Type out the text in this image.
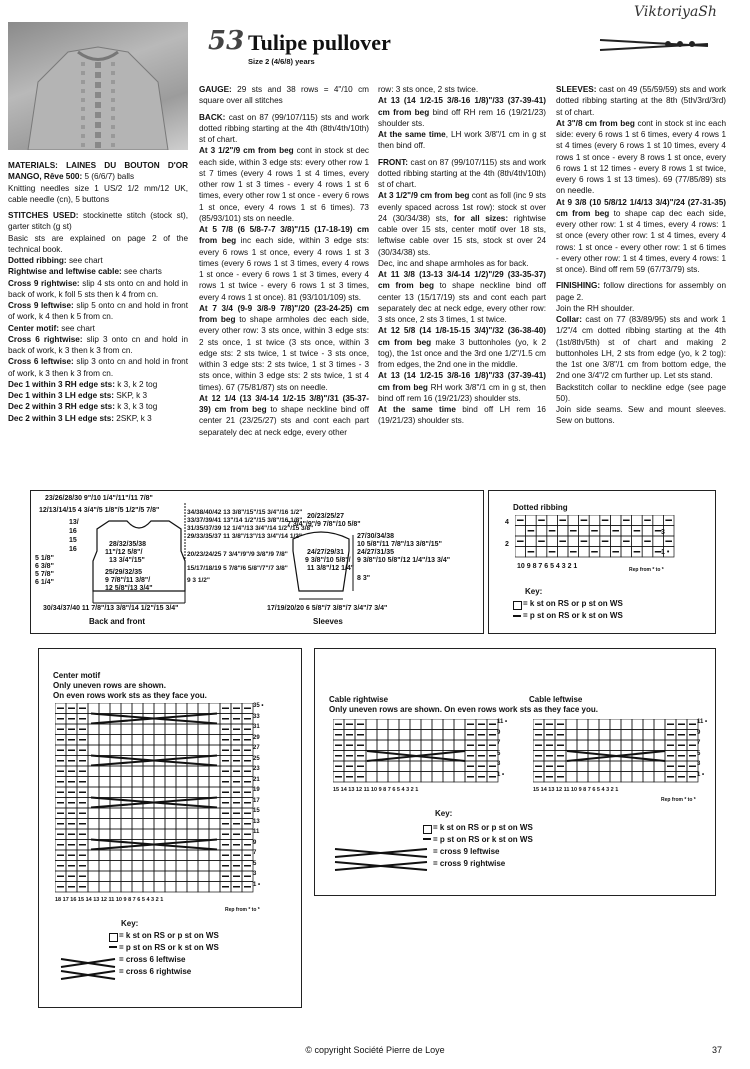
ViktoriyaSh
53 Tulipe pullover
Size 2 (4/6/8) years

MATERIALS: LAINES DU BOUTON D'OR MANGO, Rêve 500: 5 (6/6/7) balls
Knitting needles size 1 US/2 1/2 mm/12 UK, cable needle (cn), 5 buttons

STITCHES USED: stockinette stitch (stock st), garter stitch (g st)
Basic sts are explained on page 2 of the technical book.
Dotted ribbing: see chart
Rightwise and leftwise cable: see charts
Cross 9 rightwise: slip 4 sts onto cn and hold in back of work, k foll 5 sts then k 4 from cn.
Cross 9 leftwise: slip 5 onto cn and hold in front of work, k 4 then k 5 from cn.
Center motif: see chart
Cross 6 rightwise: slip 3 onto cn and hold in back of work, k 3 then k 3 from cn.
Cross 6 leftwise: slip 3 onto cn and hold in front of work, k 3 then k 3 from cn.
Dec 1 within 3 RH edge sts: k 3, k 2 tog
Dec 1 within 3 LH edge sts: SKP, k 3
Dec 2 within 3 RH edge sts: k 3, k 3 tog
Dec 2 within 3 LH edge sts: 2SKP, k 3

GAUGE: 29 sts and 38 rows = 4"/10 cm square over all stitches

BACK: cast on 87 (99/107/115) sts and work dotted ribbing starting at the 4th (8th/4th/10th) st of chart.
At 3 1/2"/9 cm from beg cont in stock st dec each side, within 3 edge sts: every other row 1 st 7 times (every 4 rows 1 st 4 times, every other row 1 st 3 times - every 4 rows 1 st 6 times, every other row 1 st once - every 6 rows 1 st once, every 4 rows 1 st 6 times). 73 (85/93/101) sts on needle.
At 5 7/8 (6 5/8-7-7 3/8)"/15 (17-18-19) cm from beg inc each side, within 3 edge sts: every 6 rows 1 st once, every 4 rows 1 st 3 times (every 6 rows 1 st 3 times, every 4 rows 1 st once - every 6 rows 1 st 3 times, every 4 rows 1 st twice - every 6 rows 1 st 3 times, every 4 rows 1 st once). 81 (93/101/109) sts.
At 7 3/4 (9-9 3/8-9 7/8)"/20 (23-24-25) cm from beg to shape armholes dec each side, every other row: 3 sts once, within 3 edge sts: 2 sts once, 1 st twice (3 sts once, within 3 edge sts: 2 sts twice, 1 st twice - 3 sts once, within 3 edge sts: 2 sts twice, 1 st 3 times - 3 sts once, within 3 edge sts: 2 sts twice, 1 st 4 times). 67 (75/81/87) sts on needle.
At 12 1/4 (13 3/4-14 1/2-15 3/8)"/31 (35-37-39) cm from beg to shape neckline bind off center 21 (23/25/27) sts and cont each part separately dec at neck edge, every other

row: 3 sts once, 2 sts twice.
At 13 (14 1/2-15 3/8-16 1/8)"/33 (37-39-41) cm from beg bind off RH rem 16 (19/21/23) shoulder sts.
At the same time, LH work 3/8"/1 cm in g st then bind off.

FRONT: cast on 87 (99/107/115) sts and work dotted ribbing starting at the 4th (8th/4th/10th) st of chart.
At 3 1/2"/9 cm from beg cont as foll (inc 9 sts evenly spaced across 1st row): stock st over 24 (30/34/38) sts, for all sizes: rightwise cable over 15 sts, center motif over 18 sts, leftwise cable over 15 sts, stock st over 24 (30/34/38) sts.
Dec, inc and shape armholes as for back.
At 11 3/8 (13-13 3/4-14 1/2)"/29 (33-35-37) cm from beg to shape neckline bind off center 13 (15/17/19) sts and cont each part separately dec at neck edge, every other row: 3 sts once, 2 sts 3 times, 1 st twice.
At 12 5/8 (14 1/8-15-15 3/4)"/32 (36-38-40) cm from beg make 3 buttonholes (yo, k 2 tog), the 1st once and the 3rd one 1/2"/1.5 cm from edges, the 2nd one in the middle.
At 13 (14 1/2-15 3/8-16 1/8)"/33 (37-39-41) cm from beg RH work 3/8"/1 cm in g st, then bind off rem 16 (19/21/23) shoulder sts.
At the same time bind off LH rem 16 (19/21/23) shoulder sts.

SLEEVES: cast on 49 (55/59/59) sts and work dotted ribbing starting at the 8th (5th/3rd/3rd) st of chart.
At 3"/8 cm from beg cont in stock st inc each side: every 6 rows 1 st 6 times, every 4 rows 1 st 4 times (every 6 rows 1 st 10 times, every 4 rows 1 st once - every 8 rows 1 st once, every 6 rows 1 st 12 times - every 8 rows 1 st twice, every 6 rows 1 st 13 times). 69 (77/85/89) sts on needle.
At 9 3/8 (10 5/8/12 1/4/13 3/4)"/24 (27-31-35) cm from beg to shape cap dec each side, every other row: 1 st 4 times, every 4 rows: 1 st once (every other row: 1 st 4 times, every 4 rows: 1 st once - every other row: 1 st 6 times - every other row: 1 st 4 times, every 4 rows: 1 st once). Bind off rem 59 (67/73/79) sts.

FINISHING: follow directions for assembly on page 2.
Join the RH shoulder.
Collar: cast on 77 (83/89/95) sts and work 1 1/2"/4 cm dotted ribbing starting at the 4th (1st/8th/5th) st of chart and making 2 buttonholes LH, 2 sts from edge (yo, k 2 tog): the 1st one 3/8"/1 cm from bottom edge, the 2nd one 3/4"/2 cm further up. Let sts stand.
Backstitch collar to neckline edge (see page 50).
Join side seams. Sew and mount sleeves. Sew on buttons.

23/26/28/30 9"/10 1/4"/11"/11 7/8"
12/13/14/15 4 3/4"/5 1/8"/5 1/2"/5 7/8"
13/
16
15
16
5 1/8"
6 3/8"
5 7/8"
6 1/4"
28/32/35/38
11"/12 5/8"/
13 3/4"/15"
25/29/32/35
9 7/8"/11 3/8"/
12 5/8"/13 3/4"
34/38/40/42 13 3/8"/15"/15 3/4"/16 1/2"
33/37/39/41 13"/14 1/2"/15 3/8"/16 1/8"
31/35/37/39 12 1/4"/13 3/4"/14 1/2"/15 3/8"
29/33/35/37 11 3/8"/13"/13 3/4"/14 1/2"
20/23/24/25 7 3/4"/9"/9 3/8"/9 7/8"
15/17/18/19 5 7/8"/6 5/8"/7"/7 3/8"
9 3 1/2"
30/34/37/40 11 7/8"/13 3/8"/14 1/2"/15 3/4"
Back and front
20/23/25/27
7 3/4"/9"/9 7/8"/10 5/8"
27/30/34/38
10 5/8"/11 7/8"/13 3/8"/15"
24/27/29/31
9 3/8"/10 5/8"/
11 3/8"/12 1/4"
24/27/31/35
9 3/8"/10 5/8"/12 1/4"/13 3/4"
8 3"
17/19/20/20 6 5/8"/7 3/8"/7 3/4"/7 3/4"
Sleeves
Dotted ribbing
4
2
3
1 •
10 9 8 7 6 5 4 3 2 1	Rep from * to *
Key:
= k st on RS or p st on WS
= p st on RS or k st on WS
Center motif
Only uneven rows are shown.
On even rows work sts as they face you.
35 •
33
31
29
27
25
23
21
19
17
15
13
11
9
7
5
3
1 •
18 17 16 15 14 13 12 11 10 9 8 7 6 5 4 3 2 1
Rep from * to *
Key:
= k st on RS or p st on WS
= p st on RS or k st on WS
= cross 6 leftwise
= cross 6 rightwise
Cable rightwise	Cable leftwise
Only uneven rows are shown. On even rows work sts as they face you.
11 •
9
7
5
3
1 •
11 •
9
7
5
3
1 •
15 14 13 12 11 10 9 8 7 6 5 4 3 2 1	15 14 13 12 11 10 9 8 7 6 5 4 3 2 1
Rep from * to *
Key:
= k st on RS or p st on WS
= p st on RS or k st on WS
= cross 9 leftwise
= cross 9 rightwise
© copyright Société Pierre de Loye	37
